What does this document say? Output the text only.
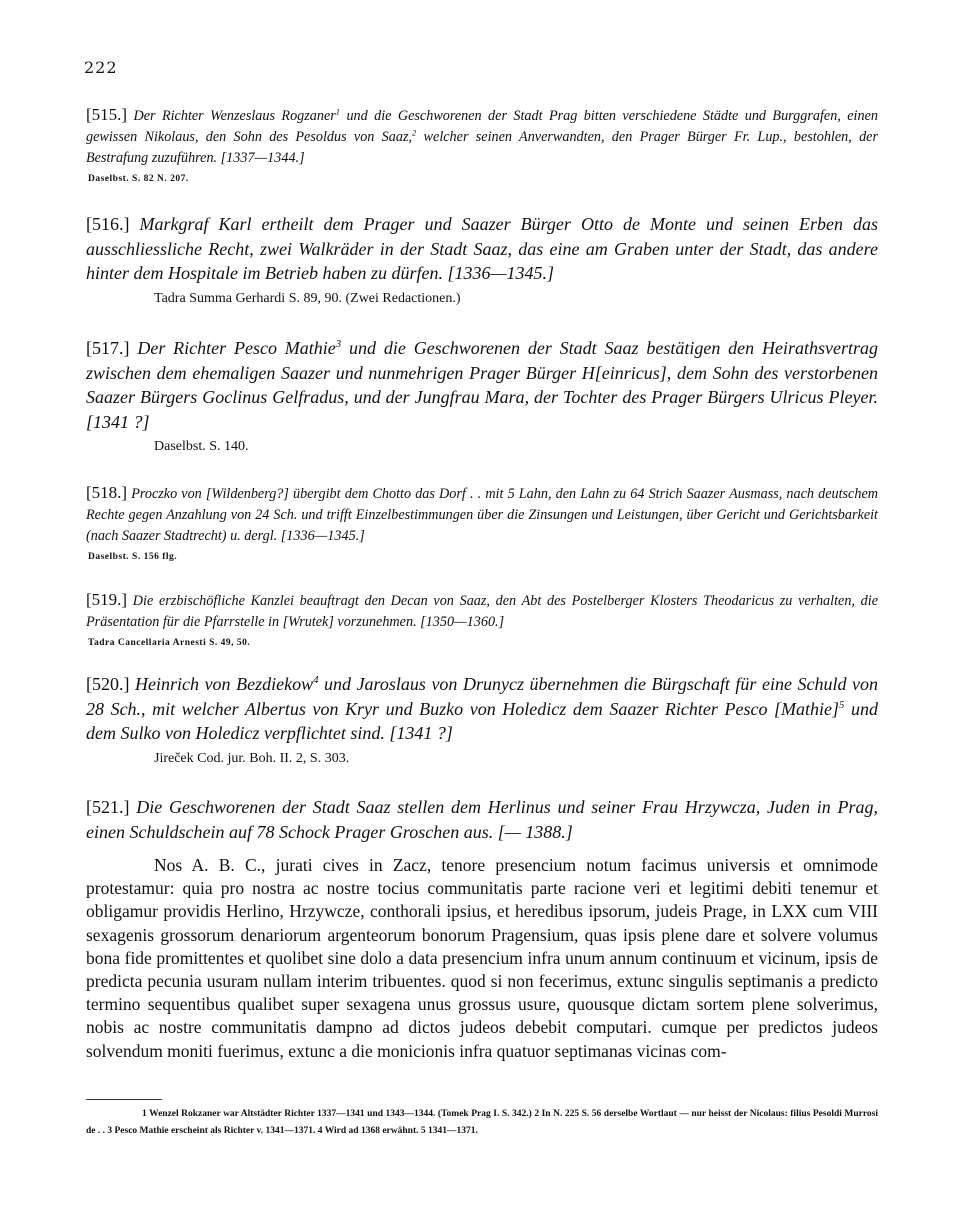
222
[515.] Der Richter Wenzeslaus Rogzaner$^1$ und die Geschworenen der Stadt Prag bitten verschiedene Städte und Burggrafen, einen gewissen Nikolaus, den Sohn des Pesoldus von Saaz,$^2$ welcher seinen Anverwandten, den Prager Bürger Fr. Lup., bestohlen, der Bestrafung zuzuführen. [1337—1344.]
Daselbst. S. 82 N. 207.
[516.] Markgraf Karl ertheilt dem Prager und Saazer Bürger Otto de Monte und seinen Erben das ausschliessliche Recht, zwei Walkräder in der Stadt Saaz, das eine am Graben unter der Stadt, das andere hinter dem Hospitale im Betrieb haben zu dürfen. [1336—1345.]
Tadra Summa Gerhardi S. 89, 90. (Zwei Redactionen.)
[517.] Der Richter Pesco Mathie$^3$ und die Geschworenen der Stadt Saaz bestätigen den Heirathsvertrag zwischen dem ehemaligen Saazer und nunmehrigen Prager Bürger H[einricus], dem Sohn des verstorbenen Saazer Bürgers Goclinus Gelfradus, und der Jungfrau Mara, der Tochter des Prager Bürgers Ulricus Pleyer. [1341 ?]
Daselbst. S. 140.
[518.] Proczko von [Wildenberg?] übergibt dem Chotto das Dorf . . mit 5 Lahn, den Lahn zu 64 Strich Saazer Ausmass, nach deutschem Rechte gegen Anzahlung von 24 Sch. und trifft Einzelbestimmungen über die Zinsungen und Leistungen, über Gericht und Gerichtsbarkeit (nach Saazer Stadtrecht) u. dergl. [1336—1345.]
Daselbst. S. 156 flg.
[519.] Die erzbischöfliche Kanzlei beauftragt den Decan von Saaz, den Abt des Postelberger Klosters Theodaricus zu verhalten, die Präsentation für die Pfarrstelle in [Wrutek] vorzunehmen. [1350—1360.]
Tadra Cancellaria Arnesti S. 49, 50.
[520.] Heinrich von Bezdiekow$^4$ und Jaroslaus von Drunycz übernehmen die Bürgschaft für eine Schuld von 28 Sch., mit welcher Albertus von Kryr und Buzko von Holedicz dem Saazer Richter Pesco [Mathie]$^5$ und dem Sulko von Holedicz verpflichtet sind. [1341 ?]
Jireček Cod. jur. Boh. II. 2, S. 303.
[521.] Die Geschworenen der Stadt Saaz stellen dem Herlinus und seiner Frau Hrzywcza, Juden in Prag, einen Schuldschein auf 78 Schock Prager Groschen aus. [— 1388.]
Nos A. B. C., jurati cives in Zacz, tenore presencium notum facimus universis et omnimode protestamur: quia pro nostra ac nostre tocius communitatis parte racione veri et legitimi debiti tenemur et obligamur providis Herlino, Hrzywcze, conthorali ipsius, et heredibus ipsorum, judeis Prage, in LXX cum VIII sexagenis grossorum denariorum argenteorum bonorum Pragensium, quas ipsis plene dare et solvere volumus bona fide promittentes et quolibet sine dolo a data presencium infra unum annum continuum et vicinum, ipsis de predicta pecunia usuram nullam interim tribuentes. quod si non fecerimus, extunc singulis septimanis a predicto termino sequentibus qualibet super sexagena unus grossus usure, quousque dictam sortem plene solverimus, nobis ac nostre communitatis dampno ad dictos judeos debebit computari. cumque per predictos judeos solvendum moniti fuerimus, extunc a die monicionis infra quatuor septimanas vicinas com-
1 Wenzel Rokzaner war Altstädter Richter 1337—1341 und 1343—1344. (Tomek Prag I. S. 342.) 2 In N. 225 S. 56 derselbe Wortlaut — nur heisst der Nicolaus: filius Pesoldi Murrosi de . . 3 Pesco Mathie erscheint als Richter v. 1341—1371. 4 Wird ad 1368 erwähnt. 5 1341—1371.
